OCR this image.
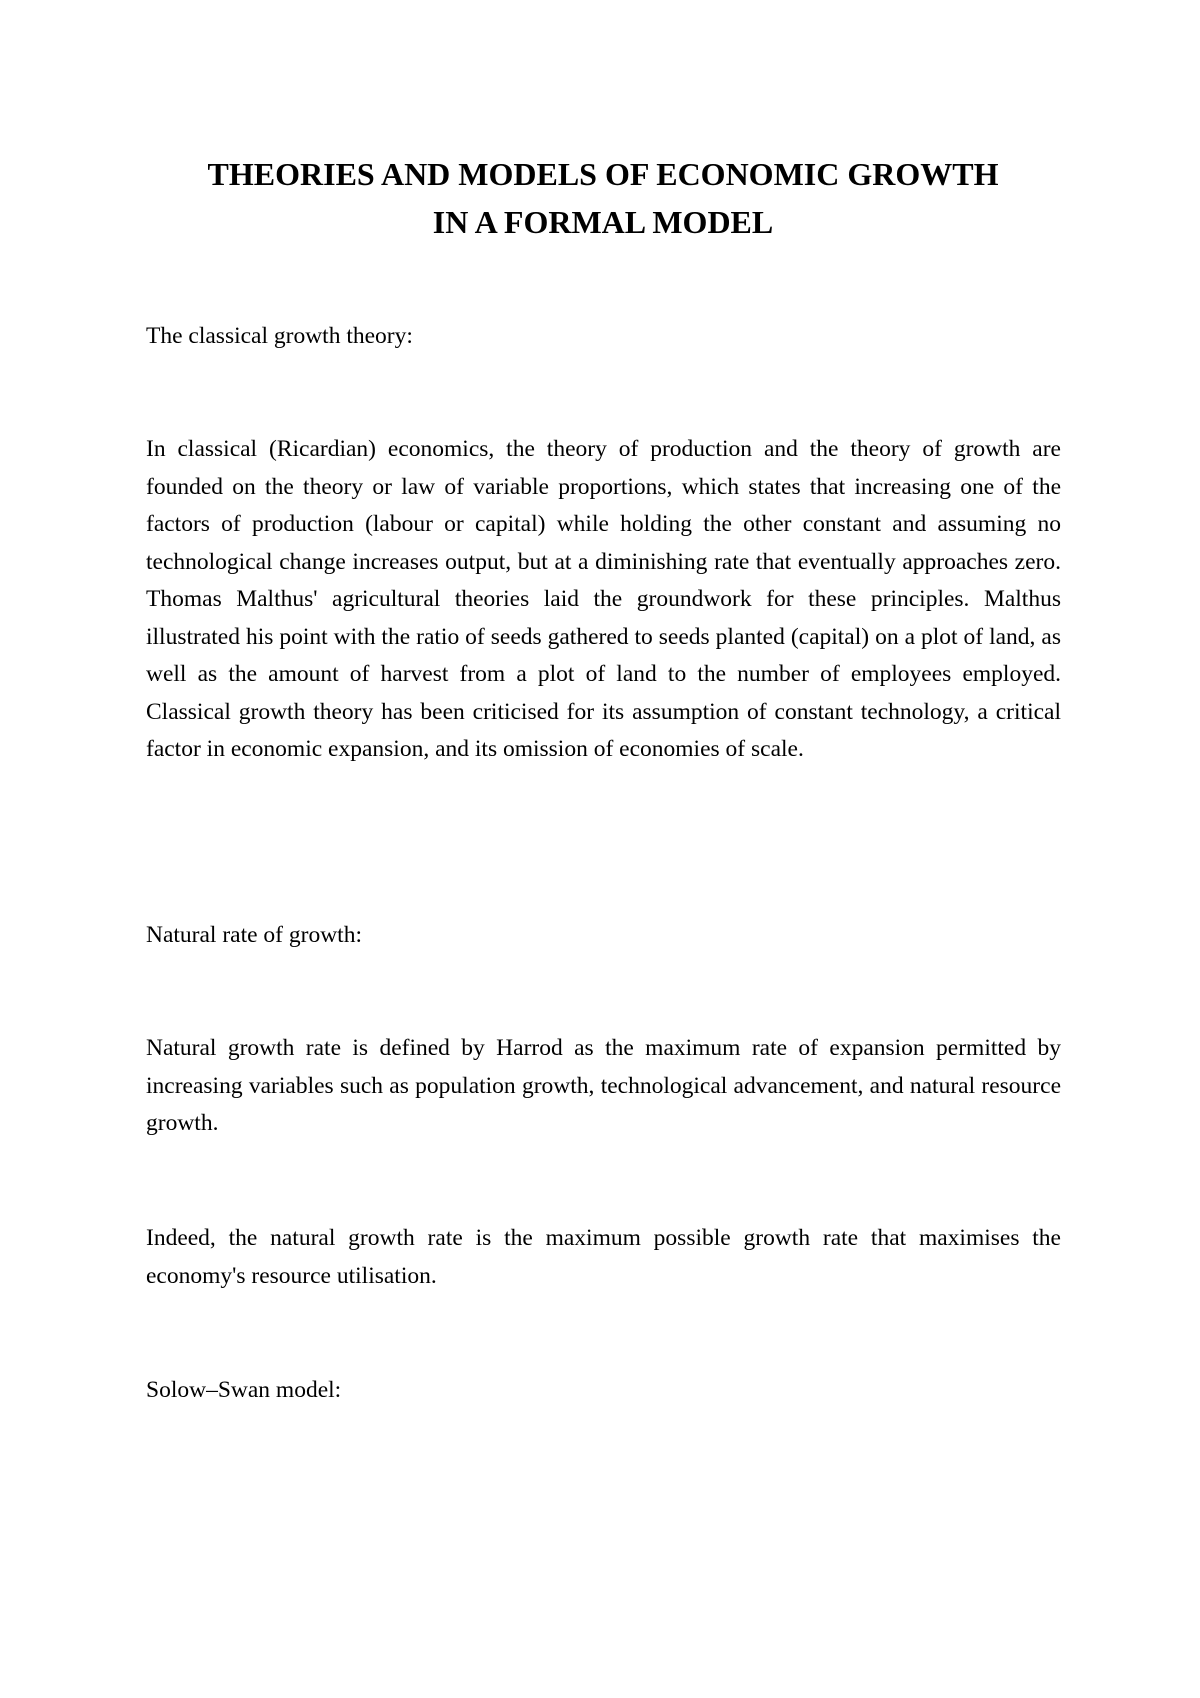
THEORIES AND MODELS OF ECONOMIC GROWTH
IN A FORMAL MODEL
The classical growth theory:
In classical (Ricardian) economics, the theory of production and the theory of growth are founded on the theory or law of variable proportions, which states that increasing one of the factors of production (labour or capital) while holding the other constant and assuming no technological change increases output, but at a diminishing rate that eventually approaches zero. Thomas Malthus' agricultural theories laid the groundwork for these principles. Malthus illustrated his point with the ratio of seeds gathered to seeds planted (capital) on a plot of land, as well as the amount of harvest from a plot of land to the number of employees employed. Classical growth theory has been criticised for its assumption of constant technology, a critical factor in economic expansion, and its omission of economies of scale.
Natural rate of growth:
Natural growth rate is defined by Harrod as the maximum rate of expansion permitted by increasing variables such as population growth, technological advancement, and natural resource growth.
Indeed, the natural growth rate is the maximum possible growth rate that maximises the economy's resource utilisation.
Solow–Swan model:
